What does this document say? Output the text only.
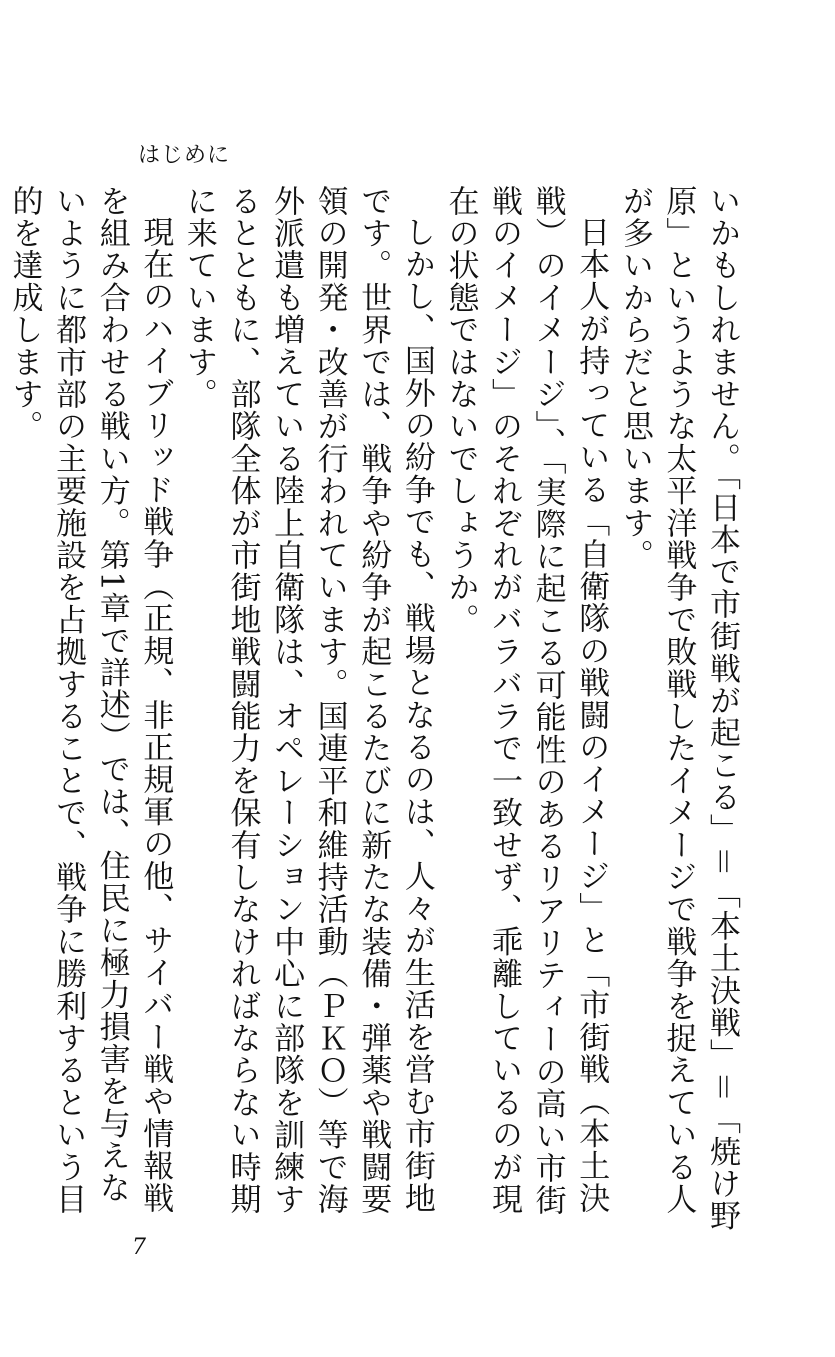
はじめに

いかもしれません。「日本で市街戦が起こる」＝「本土決戦」＝「焼け野原」というような太平洋戦争で敗戦したイメージで戦争を捉えている人が多いからだと思います。

日本人が持っている「自衛隊の戦闘のイメージ」と「市街戦（本土決戦）のイメージ」、「実際に起こる可能性のあるリアリティーの高い市街戦のイメージ」のそれぞれがバラバラで一致せず、乖離しているのが現在の状態ではないでしょうか。

しかし、国外の紛争でも、戦場となるのは、人々が生活を営む市街地です。世界では、戦争や紛争が起こるたびに新たな装備・弾薬や戦闘要領の開発・改善が行われています。国連平和維持活動（ＰＫＯ）等で海外派遣も増えている陸上自衛隊は、オペレーション中心に部隊を訓練するとともに、部隊全体が市街地戦闘能力を保有しなければならない時期に来ています。

現在のハイブリッド戦争（正規、非正規軍の他、サイバー戦や情報戦を組み合わせる戦い方。第1章で詳述）では、住民に極力損害を与えないように都市部の主要施設を占拠することで、戦争に勝利するという目的を達成します。

7
